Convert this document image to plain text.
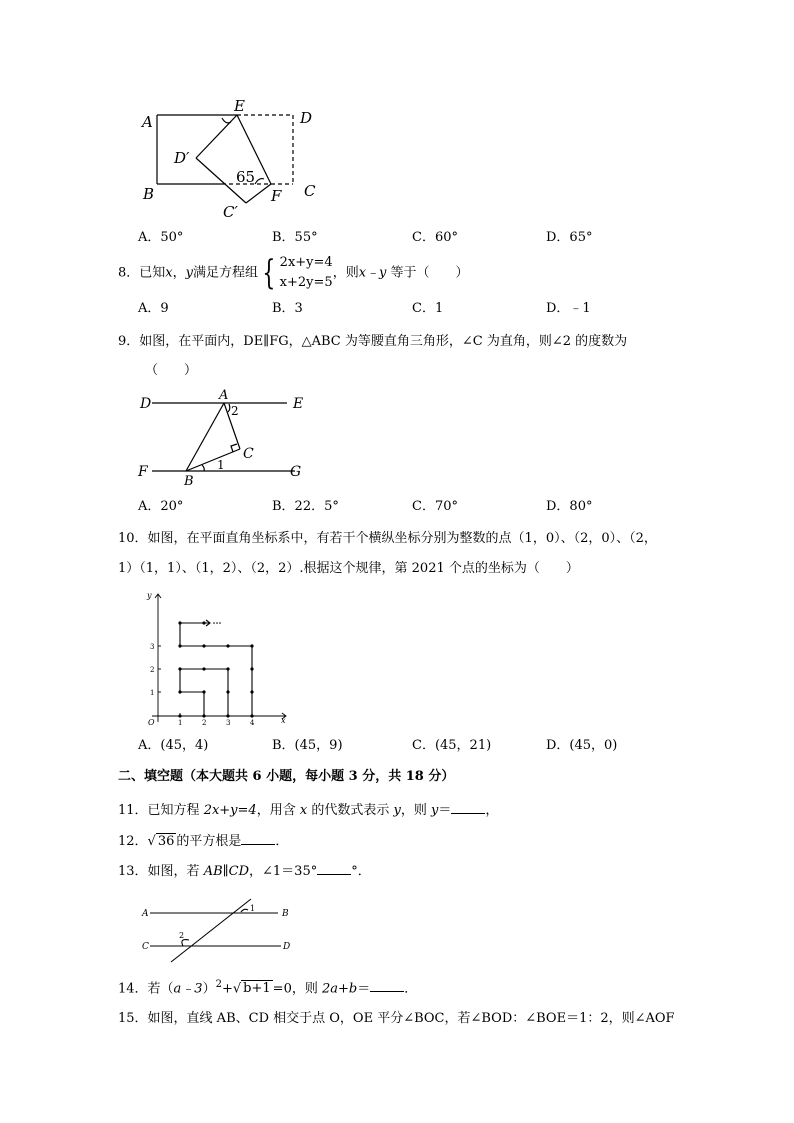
A
E
D
D′
B	C
C′
F
65
A．50°	B．55°	C．60°	D．65°
8．已知x，y满足方程组 { 2x+y=4
x+2y=5，则x﹣y 等于（　　）
A．9	B．3	C．1	D．﹣1
9．如图，在平面内，DE∥FG，△ABC 为等腰直角三角形，∠C 为直角，则∠2 的度数为
（　　）
D
A
2	E
C
1
F
B
G
A．20°	B．22．5°	C．70°	D．80°
10．如图，在平面直角坐标系中，有若干个横纵坐标分别为整数的点（1，0）、（2，0）、（2，
1）（1，1）、（1，2）、（2，2）.根据这个规律，第 2021 个点的坐标为（　　）
y
x
O	1	2	3	4
1
2
3
A．(45，4)	B．(45，9)	C．(45，21)	D．(45，0)
二、填空题（本大题共 6 小题，每小题 3 分，共 18 分）
11．已知方程 2x+y=4，用含 x 的代数式表示 y，则 y＝	，
12．√ 36 的平方根是	．
13．如图，若 AB∥CD，∠1＝35°	°．
A	B
C	D
1
2
14．若（a﹣3）$^2$+√ b+1 =0，则 2a+b＝	．
15．如图，直线 AB、CD 相交于点 O，OE 平分∠BOC，若∠BOD：∠BOE＝1：2，则∠AOF
